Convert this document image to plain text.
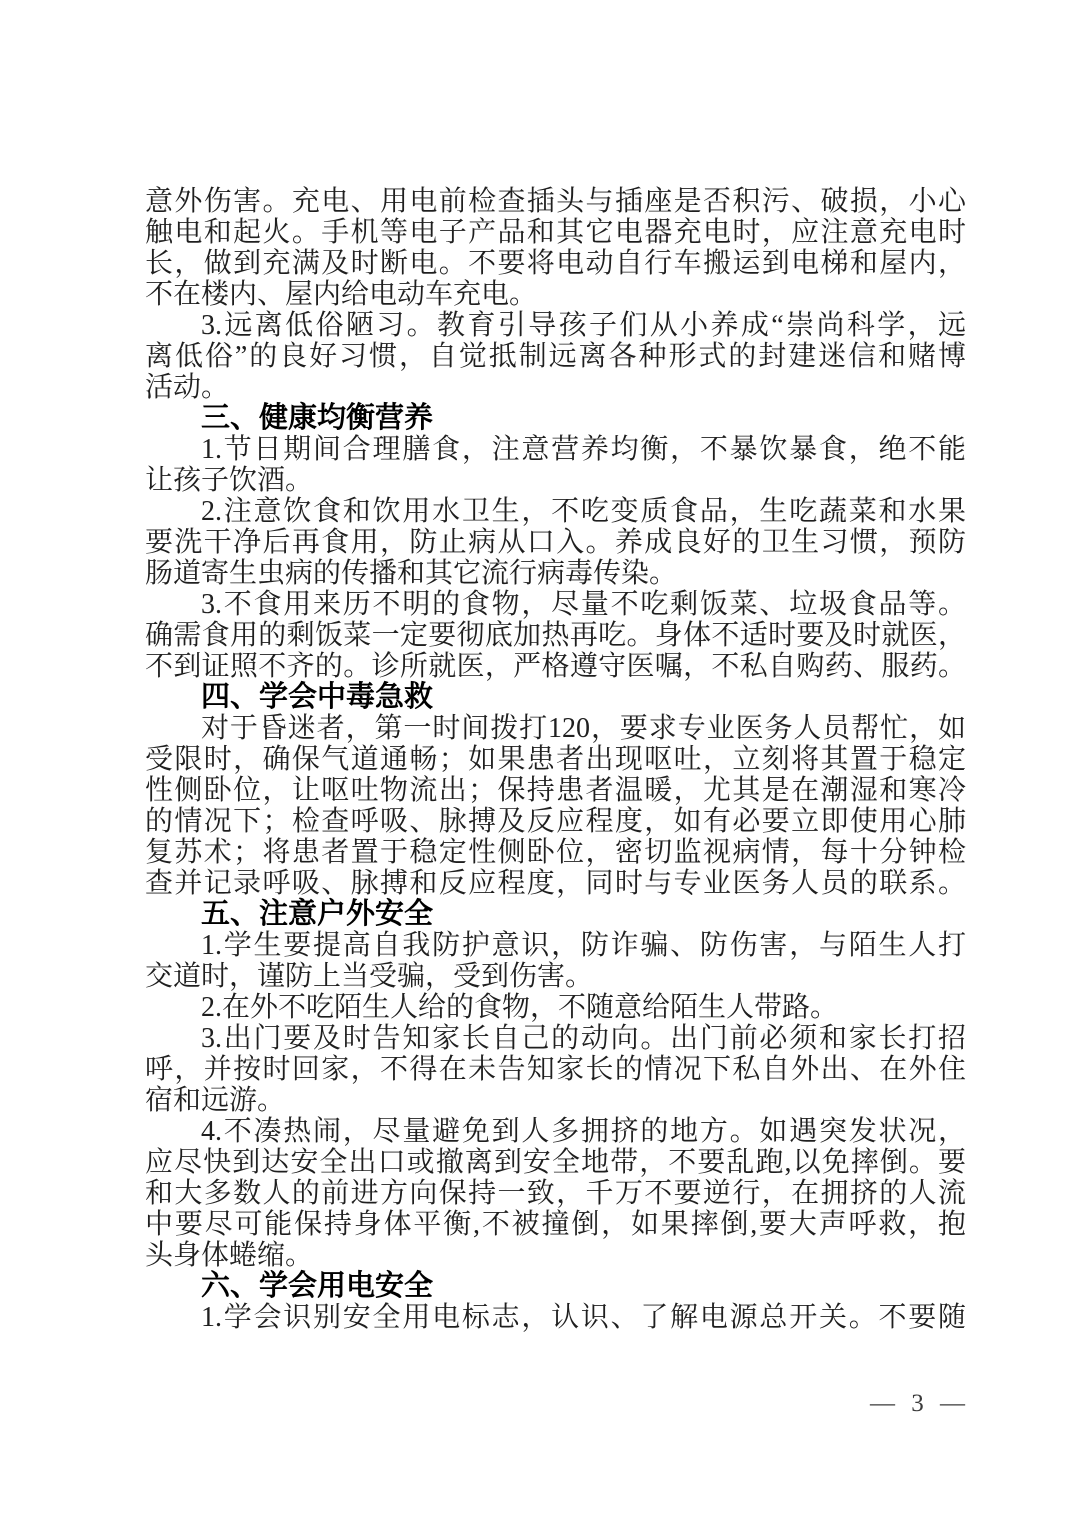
意外伤害。充电、用电前检查插头与插座是否积污、破损，小心
触电和起火。手机等电子产品和其它电器充电时，应注意充电时
长，做到充满及时断电。不要将电动自行车搬运到电梯和屋内，
不在楼内、屋内给电动车充电。
3.远离低俗陋习。教育引导孩子们从小养成“崇尚科学，远
离低俗”的良好习惯，自觉抵制远离各种形式的封建迷信和赌博
活动。
三、健康均衡营养
1.节日期间合理膳食，注意营养均衡，不暴饮暴食，绝不能
让孩子饮酒。
2.注意饮食和饮用水卫生，不吃变质食品，生吃蔬菜和水果
要洗干净后再食用，防止病从口入。养成良好的卫生习惯，预防
肠道寄生虫病的传播和其它流行病毒传染。
3.不食用来历不明的食物，尽量不吃剩饭菜、垃圾食品等。
确需食用的剩饭菜一定要彻底加热再吃。身体不适时要及时就医，
不到证照不齐的。诊所就医，严格遵守医嘱，不私自购药、服药。
四、学会中毒急救
对于昏迷者，第一时间拨打120，要求专业医务人员帮忙，如
受限时，确保气道通畅；如果患者出现呕吐，立刻将其置于稳定
性侧卧位，让呕吐物流出；保持患者温暖，尤其是在潮湿和寒冷
的情况下；检查呼吸、脉搏及反应程度，如有必要立即使用心肺
复苏术；将患者置于稳定性侧卧位，密切监视病情，每十分钟检
查并记录呼吸、脉搏和反应程度，同时与专业医务人员的联系。
五、注意户外安全
1.学生要提高自我防护意识，防诈骗、防伤害，与陌生人打
交道时，谨防上当受骗，受到伤害。
2.在外不吃陌生人给的食物，不随意给陌生人带路。
3.出门要及时告知家长自己的动向。出门前必须和家长打招
呼，并按时回家，不得在未告知家长的情况下私自外出、在外住
宿和远游。
4.不凑热闹，尽量避免到人多拥挤的地方。如遇突发状况，
应尽快到达安全出口或撤离到安全地带，不要乱跑,以免摔倒。要
和大多数人的前进方向保持一致，千万不要逆行，在拥挤的人流
中要尽可能保持身体平衡,不被撞倒，如果摔倒,要大声呼救，抱
头身体蜷缩。
六、学会用电安全
1.学会识别安全用电标志，认识、了解电源总开关。不要随
— 3 —
